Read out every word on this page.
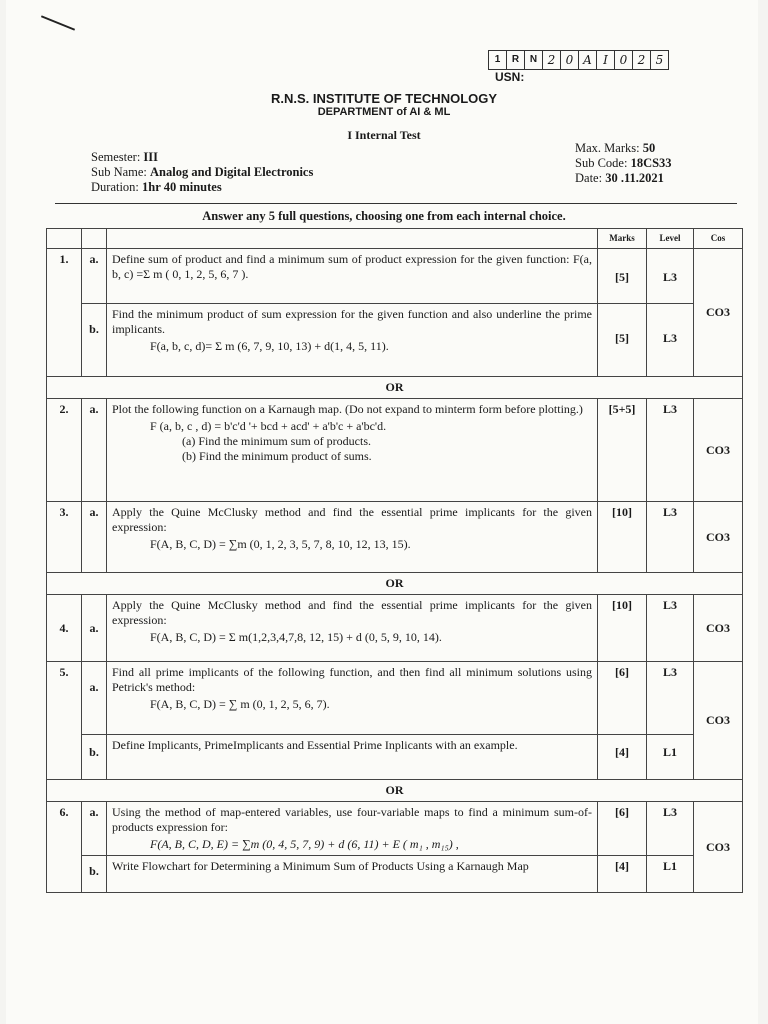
1	R	N 2 0 A I 0 2 5
USN:
R.N.S. INSTITUTE OF TECHNOLOGY
DEPARTMENT of AI & ML
I Internal Test
Semester: III
Sub Name: Analog and Digital Electronics
Duration: 1hr 40 minutes
Max. Marks: 50
Sub Code: 18CS33
Date: 30 .11.2021
Answer any 5 full questions, choosing one from each internal choice.
			Marks	Level	Cos
1.	a.	Define sum of product and find a minimum sum of product expression for the given function: F(a, b, c) =Σ m ( 0, 1, 2, 5, 6, 7 ).	[5]	L3	CO3
	b.	Find the minimum product of sum expression for the given function and also underline the prime implicants.
F(a, b, c, d)= Σ m (6, 7, 9, 10, 13) + d(1, 4, 5, 11).	[5]	L3	
OR					
2.	a.	Plot the following function on a Karnaugh map. (Do not expand to minterm form before plotting.)
F (a, b, c , d) = b'c'd '+ bcd + acd' + a'b'c + a'bc'd.
(a) Find the minimum sum of products.
(b) Find the minimum product of sums.	[5+5]	L3	CO3
3.	a.	Apply the Quine McClusky method and find the essential prime implicants for the given expression:
F(A, B, C, D) = ∑m (0, 1, 2, 3, 5, 7, 8, 10, 12, 13, 15).	[10]	L3	CO3
OR					
4.	a.	Apply the Quine McClusky method and find the essential prime implicants for the given expression:
F(A, B, C, D) = Σ m(1,2,3,4,7,8, 12, 15) + d (0, 5, 9, 10, 14).	[10]	L3	CO3
5.	a.	Find all prime implicants of the following function, and then find all minimum solutions using Petrick's method:
F(A, B, C, D) = ∑ m (0, 1, 2, 5, 6, 7).	[6]	L3	CO3
	b.	Define Implicants, PrimeImplicants and Essential Prime Inplicants with an example.	[4]	L1	
OR					
6.	a.	Using the method of map-entered variables, use four-variable maps to find a minimum sum-of-products expression for:
F(A, B, C, D, E) = ∑m (0, 4, 5, 7, 9) + d (6, 11) + E ( m₁ , m₁₅) ,	[6]	L3	CO3
	b.	Write Flowchart for Determining a Minimum Sum of Products Using a Karnaugh Map	[4]	L1	
